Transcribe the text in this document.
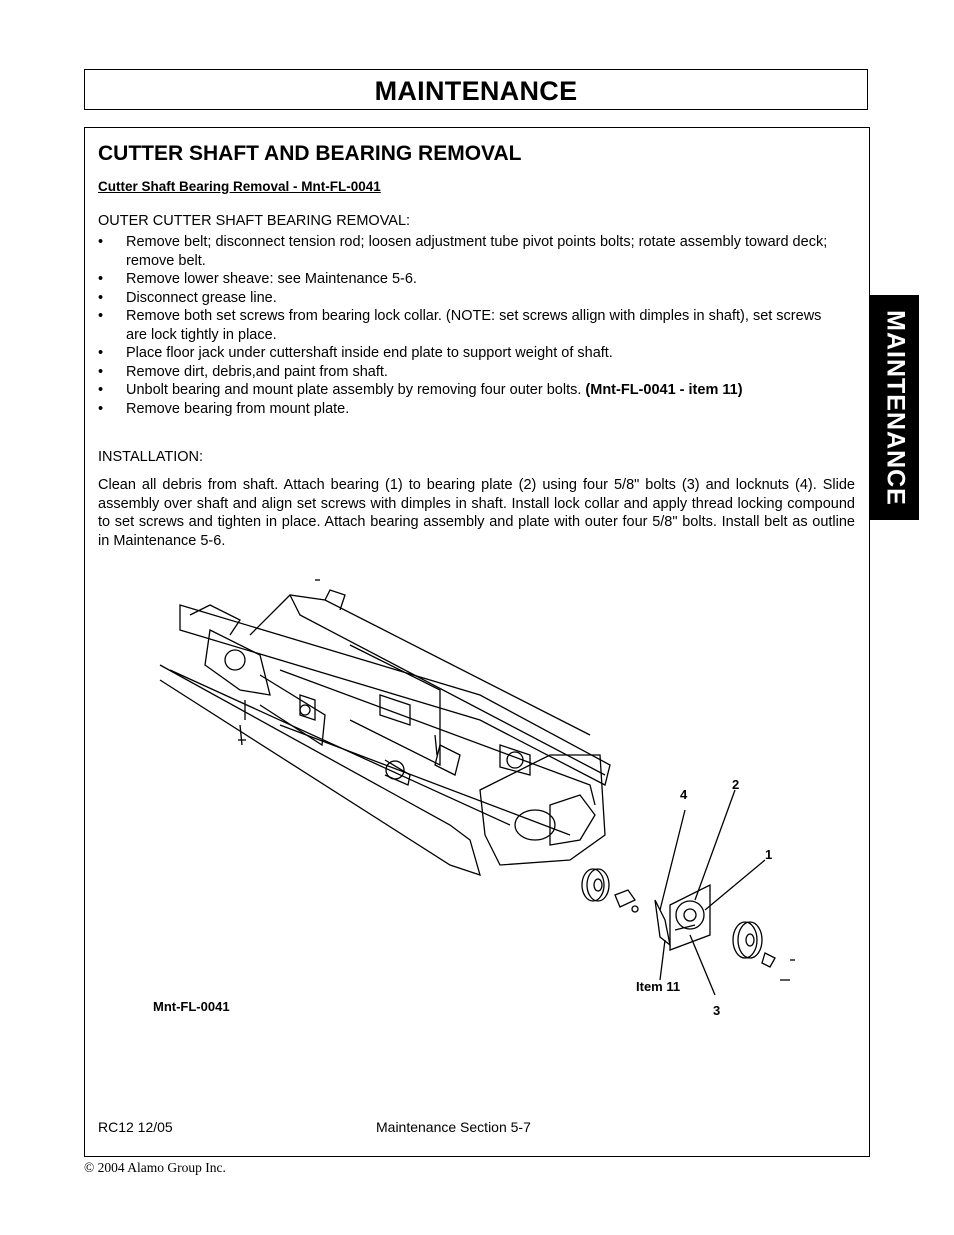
MAINTENANCE
MAINTENANCE
CUTTER SHAFT AND BEARING REMOVAL
Cutter Shaft Bearing Removal - Mnt-FL-0041
OUTER CUTTER SHAFT BEARING REMOVAL:
• Remove belt; disconnect tension rod; loosen adjustment tube pivot points bolts; rotate assembly toward deck; remove belt.
• Remove lower sheave: see Maintenance 5-6.
• Disconnect grease line.
• Remove both set screws from bearing lock collar. (NOTE: set screws allign with dimples in shaft), set screws are lock tightly in place.
• Place floor jack under cuttershaft inside end plate to support weight of shaft.
• Remove dirt, debris,and paint from shaft.
• Unbolt bearing and mount plate assembly by removing four outer bolts. (Mnt-FL-0041 - item 11)
• Remove bearing from mount plate.
INSTALLATION:
Clean all debris from shaft. Attach bearing (1) to bearing plate (2) using four 5/8" bolts (3) and locknuts (4). Slide assembly over shaft and align set screws with dimples in shaft. Install lock collar and apply thread locking compound to set screws and tighten in place. Attach bearing assembly and plate with outer four 5/8" bolts. Install belt as outline in Maintenance 5-6.
4
2
1
3
Item 11
Mnt-FL-0041
RC12 12/05	Maintenance Section 5-7
© 2004 Alamo Group Inc.
